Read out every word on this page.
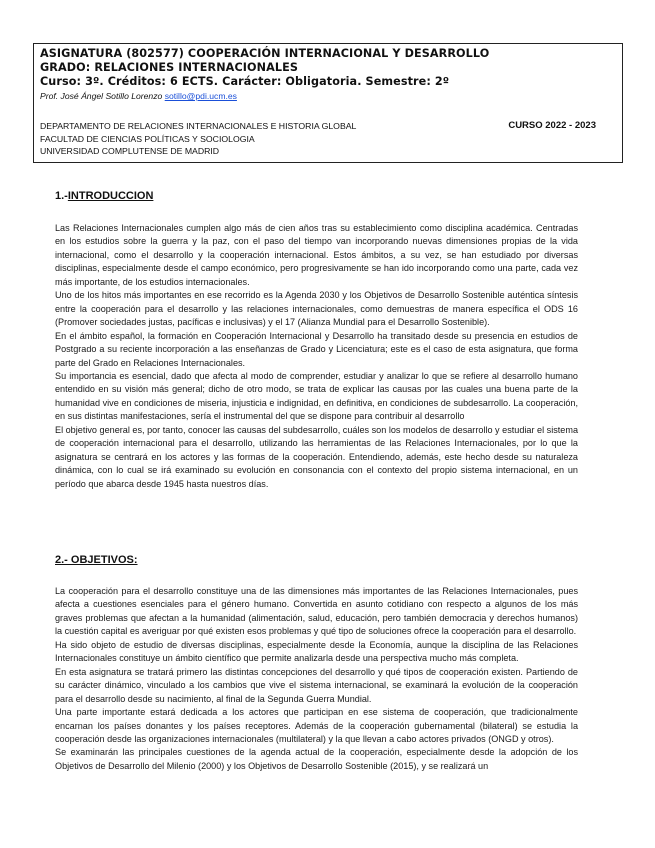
ASIGNATURA (802577) COOPERACIÓN INTERNACIONAL Y DESARROLLO
GRADO: RELACIONES INTERNACIONALES
Curso: 3º. Créditos: 6 ECTS. Carácter: Obligatoria. Semestre: 2º
Prof. José Ángel Sotillo Lorenzo sotillo@pdi.ucm.es
DEPARTAMENTO DE RELACIONES INTERNACIONALES E HISTORIA GLOBAL	CURSO 2022 - 2023
FACULTAD DE CIENCIAS POLÍTICAS Y SOCIOLOGIA
UNIVERSIDAD COMPLUTENSE DE MADRID
1.-INTRODUCCION

Las Relaciones Internacionales cumplen algo más de cien años tras su establecimiento como disciplina académica. Centradas en los estudios sobre la guerra y la paz, con el paso del tiempo van incorporando nuevas dimensiones propias de la vida internacional, como el desarrollo y la cooperación internacional. Estos ámbitos, a su vez, se han estudiado por diversas disciplinas, especialmente desde el campo económico, pero progresivamente se han ido incorporando como una parte, cada vez más importante, de los estudios internacionales.

Uno de los hitos más importantes en ese recorrido es la Agenda 2030 y los Objetivos de Desarrollo Sostenible auténtica síntesis entre la cooperación para el desarrollo y las relaciones internacionales, como demuestras de manera específica el ODS 16 (Promover sociedades justas, pacíficas e inclusivas) y el 17 (Alianza Mundial para el Desarrollo Sostenible).

En el ámbito español, la formación en Cooperación Internacional y Desarrollo ha transitado desde su presencia en estudios de Postgrado a su reciente incorporación a las enseñanzas de Grado y Licenciatura; este es el caso de esta asignatura, que forma parte del Grado en Relaciones Internacionales.

Su importancia es esencial, dado que afecta al modo de comprender, estudiar y analizar lo que se refiere al desarrollo humano entendido en su visión más general; dicho de otro modo, se trata de explicar las causas por las cuales una buena parte de la humanidad vive en condiciones de miseria, injusticia e indignidad, en definitiva, en condiciones de subdesarrollo. La cooperación, en sus distintas manifestaciones, sería el instrumental del que se dispone para contribuir al desarrollo

El objetivo general es, por tanto, conocer las causas del subdesarrollo, cuáles son los modelos de desarrollo y estudiar el sistema de cooperación internacional para el desarrollo, utilizando las herramientas de las Relaciones Internacionales, por lo que la asignatura se centrará en los actores y las formas de la cooperación. Entendiendo, además, este hecho desde su naturaleza dinámica, con lo cual se irá examinado su evolución en consonancia con el contexto del propio sistema internacional, en un período que abarca desde 1945 hasta nuestros días.

2.- OBJETIVOS:

La cooperación para el desarrollo constituye una de las dimensiones más importantes de las Relaciones Internacionales, pues afecta a cuestiones esenciales para el género humano. Convertida en asunto cotidiano con respecto a algunos de los más graves problemas que afectan a la humanidad (alimentación, salud, educación, pero también democracia y derechos humanos) la cuestión capital es averiguar por qué existen esos problemas y qué tipo de soluciones ofrece la cooperación para el desarrollo.

Ha sido objeto de estudio de diversas disciplinas, especialmente desde la Economía, aunque la disciplina de las Relaciones Internacionales constituye un ámbito científico que permite analizarla desde una perspectiva mucho más completa.

En esta asignatura se tratará primero las distintas concepciones del desarrollo y qué tipos de cooperación existen. Partiendo de su carácter dinámico, vinculado a los cambios que vive el sistema internacional, se examinará la evolución de la cooperación para el desarrollo desde su nacimiento, al final de la Segunda Guerra Mundial.

Una parte importante estará dedicada a los actores que participan en ese sistema de cooperación, que tradicionalmente encarnan los países donantes y los países receptores. Además de la cooperación gubernamental (bilateral) se estudia la cooperación desde las organizaciones internacionales (multilateral) y la que llevan a cabo actores privados (ONGD y otros).

Se examinarán las principales cuestiones de la agenda actual de la cooperación, especialmente desde la adopción de los Objetivos de Desarrollo del Milenio (2000) y los Objetivos de Desarrollo Sostenible (2015), y se realizará un
